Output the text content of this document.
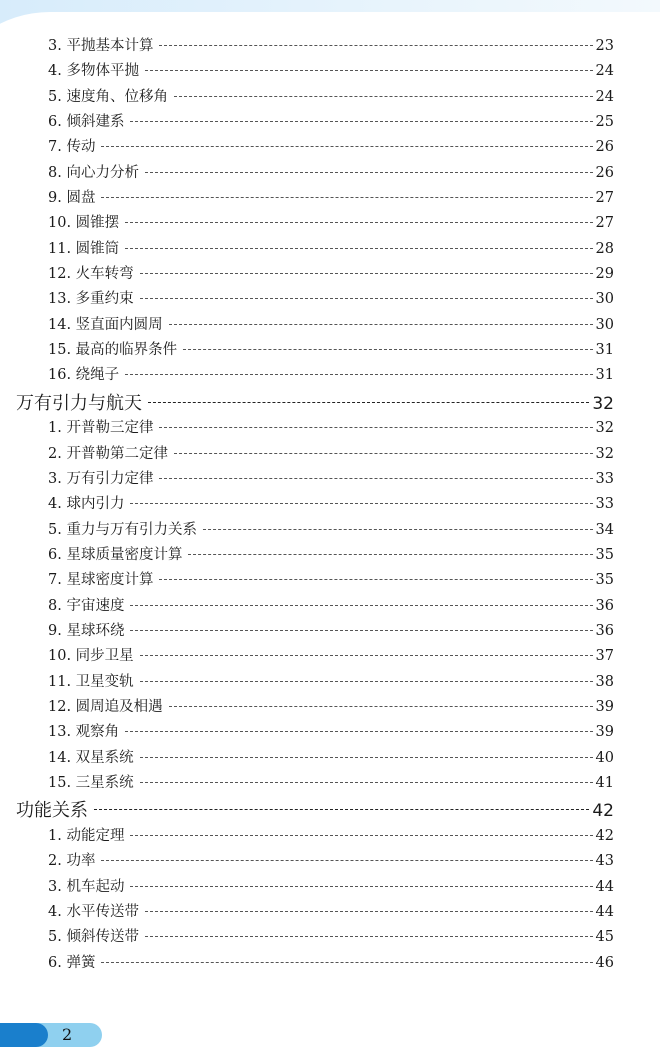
3. 平抛基本计算	23
4. 多物体平抛	24
5. 速度角、位移角	24
6. 倾斜建系	25
7. 传动	26
8. 向心力分析	26
9. 圆盘	27
10. 圆锥摆	27
11. 圆锥筒	28
12. 火车转弯	29
13. 多重约束	30
14. 竖直面内圆周	30
15. 最高的临界条件	31
16. 绕绳子	31
万有引力与航天	32
1. 开普勒三定律	32
2. 开普勒第二定律	32
3. 万有引力定律	33
4. 球内引力	33
5. 重力与万有引力关系	34
6. 星球质量密度计算	35
7. 星球密度计算	35
8. 宇宙速度	36
9. 星球环绕	36
10. 同步卫星	37
11. 卫星变轨	38
12. 圆周追及相遇	39
13. 观察角	39
14. 双星系统	40
15. 三星系统	41
功能关系	42
1. 动能定理	42
2. 功率	43
3. 机车起动	44
4. 水平传送带	44
5. 倾斜传送带	45
6. 弹簧	46
2
